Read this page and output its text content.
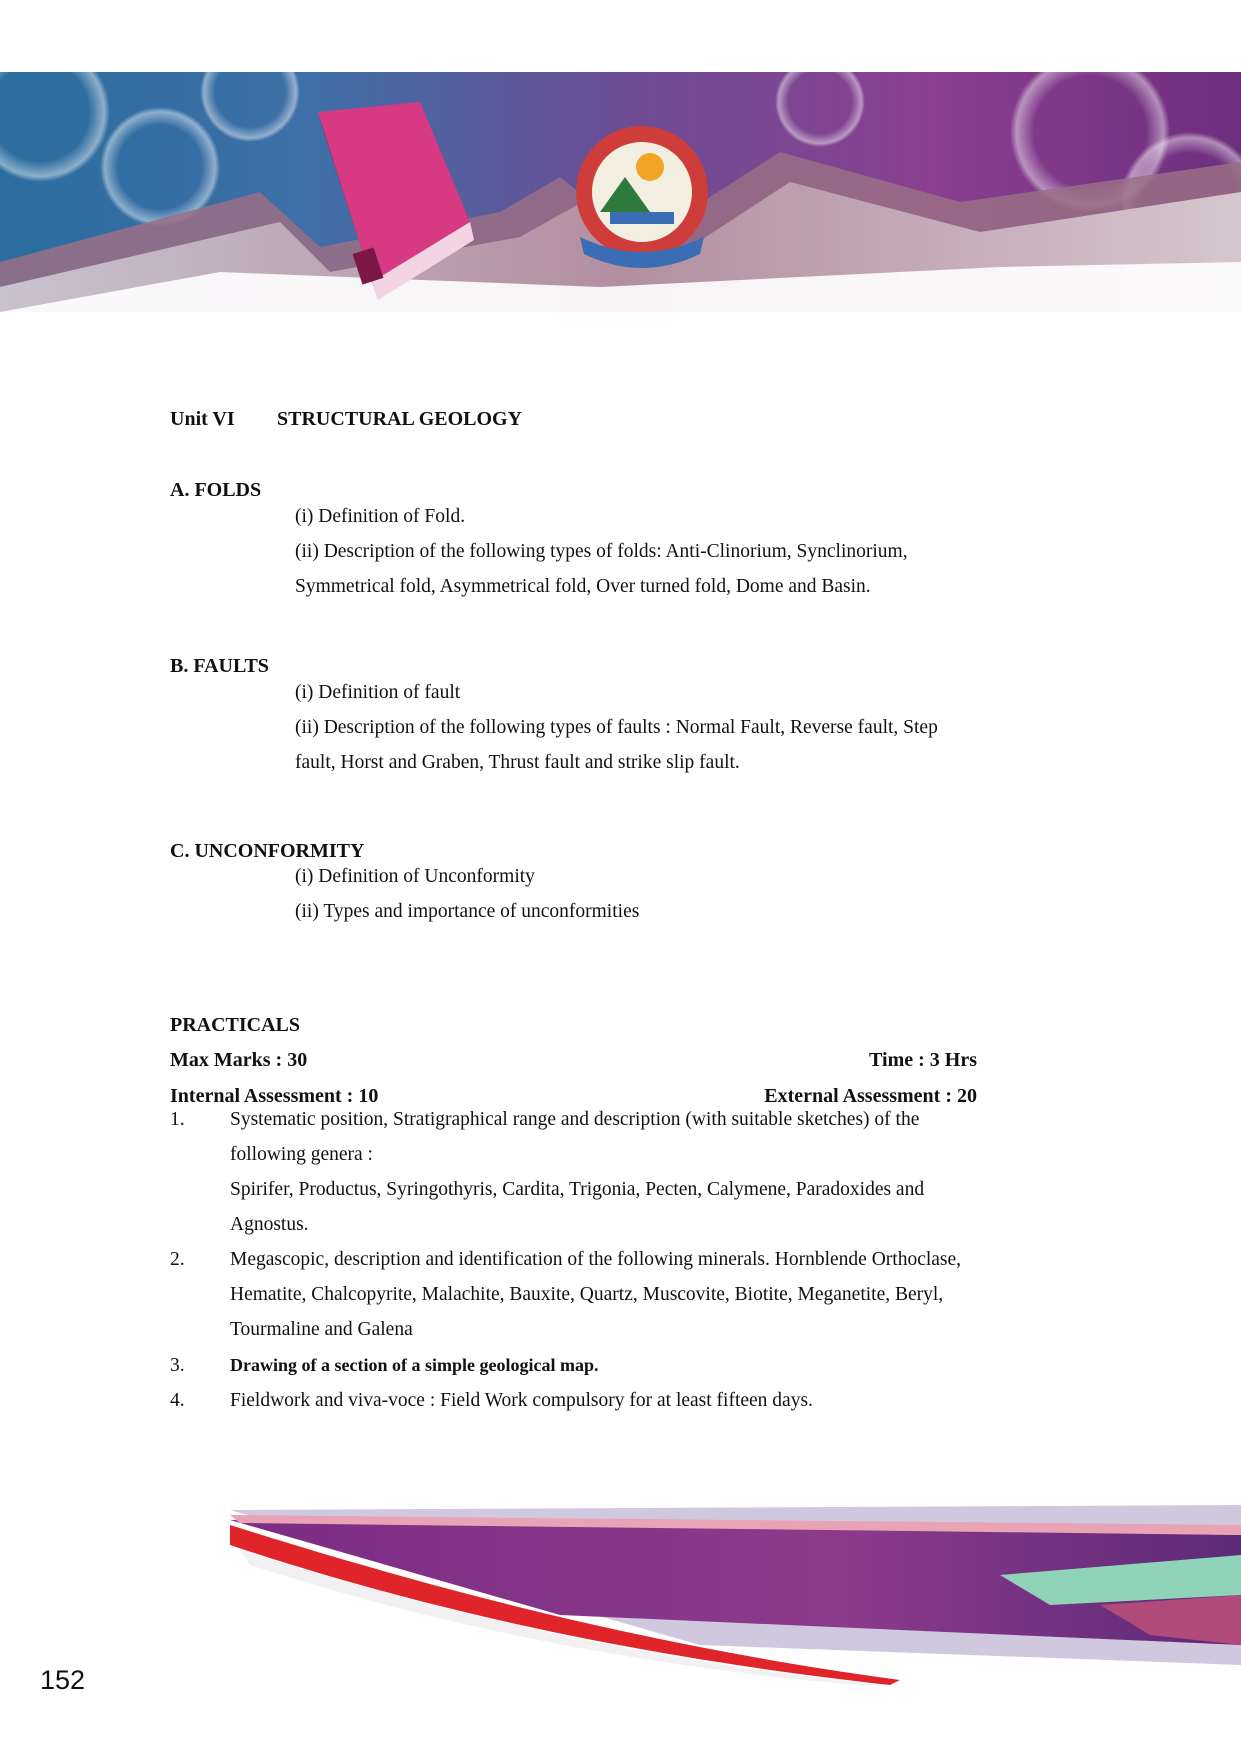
Unit VI STRUCTURAL GEOLOGY
A. FOLDS
(i) Definition of Fold.
(ii) Description of the following types of folds: Anti-Clinorium, Synclinorium,
Symmetrical fold, Asymmetrical fold, Over turned fold, Dome and Basin.
B. FAULTS
(i) Definition of fault
(ii) Description of the following types of faults : Normal Fault, Reverse fault, Step
fault, Horst and Graben, Thrust fault and strike slip fault.
C. UNCONFORMITY
(i) Definition of Unconformity
(ii) Types and importance of unconformities
PRACTICALS
Max Marks : 30	Time : 3 Hrs
Internal Assessment : 10	External Assessment : 20
1. Systematic position, Stratigraphical range and description (with suitable sketches) of the
following genera :
Spirifer, Productus, Syringothyris, Cardita, Trigonia, Pecten, Calymene, Paradoxides and
Agnostus.
2. Megascopic, description and identification of the following minerals. Hornblende Orthoclase,
Hematite, Chalcopyrite, Malachite, Bauxite, Quartz, Muscovite, Biotite, Meganetite, Beryl,
Tourmaline and Galena
3.	Drawing of a section of a simple geological map.
4. Fieldwork and viva-voce : Field Work compulsory for at least fifteen days.
152
